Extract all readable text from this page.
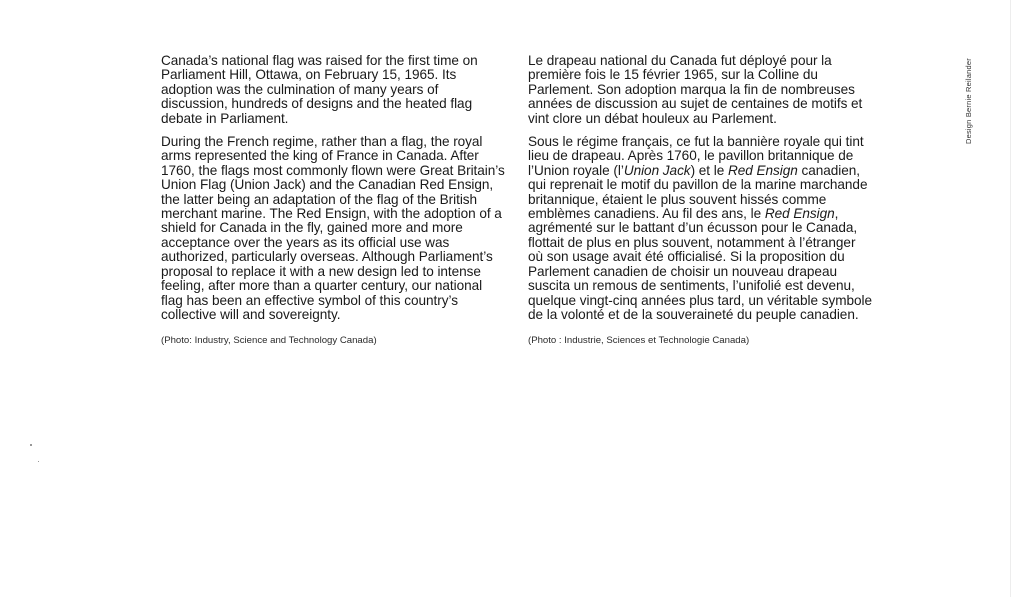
Canada’s national flag was raised for the first time on Parliament Hill, Ottawa, on February 15, 1965. Its adoption was the culmination of many years of discussion, hundreds of designs and the heated flag debate in Parliament.

During the French regime, rather than a flag, the royal arms represented the king of France in Canada. After 1760, the flags most commonly flown were Great Britain’s Union Flag (Union Jack) and the Canadian Red Ensign, the latter being an adaptation of the flag of the British merchant marine. The Red Ensign, with the adoption of a shield for Canada in the fly, gained more and more acceptance over the years as its official use was authorized, particularly overseas. Although Parliament’s proposal to replace it with a new design led to intense feeling, after more than a quarter century, our national flag has been an effective symbol of this country’s collective will and sovereignty.

(Photo: Industry, Science and Technology Canada)

Le drapeau national du Canada fut déployé pour la première fois le 15 février 1965, sur la Colline du Parlement. Son adoption marqua la fin de nombreuses années de discussion au sujet de centaines de motifs et vint clore un débat houleux au Parlement.

Sous le régime français, ce fut la bannière royale qui tint lieu de drapeau. Après 1760, le pavillon britannique de l’Union royale (l’Union Jack) et le Red Ensign canadien, qui reprenait le motif du pavillon de la marine marchande britannique, étaient le plus souvent hissés comme emblèmes canadiens. Au fil des ans, le Red Ensign, agrémenté sur le battant d’un écusson pour le Canada, flottait de plus en plus souvent, notamment à l’étranger où son usage avait été officialisé. Si la proposition du Parlement canadien de choisir un nouveau drapeau suscita un remous de sentiments, l’unifolié est devenu, quelque vingt-cinq années plus tard, un véritable symbole de la volonté et de la souveraineté du peuple canadien.

(Photo : Industrie, Sciences et Technologie Canada)

Design Bernie Reilander
